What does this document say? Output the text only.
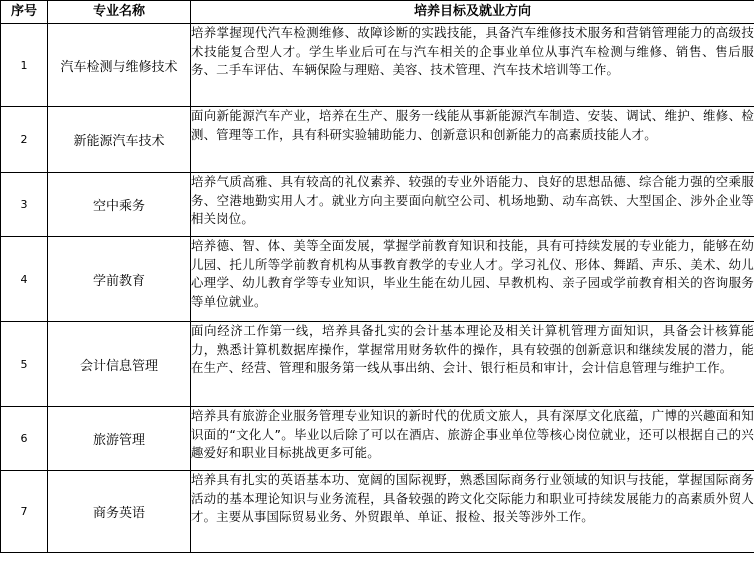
序号	专业名称	培养目标及就业方向
1	汽车检测与维修技术	培养掌握现代汽车检测维修、故障诊断的实践技能，具备汽车维修技术服务和营销管理能力的高级技术技能复合型人才。学生毕业后可在与汽车相关的企事业单位从事汽车检测与维修、销售、售后服务、二手车评估、车辆保险与理赔、美容、技术管理、汽车技术培训等工作。
2	新能源汽车技术	面向新能源汽车产业，培养在生产、服务一线能从事新能源汽车制造、安装、调试、维护、维修、检测、管理等工作，具有科研实验辅助能力、创新意识和创新能力的高素质技能人才。
3	空中乘务	培养气质高雅、具有较高的礼仪素养、较强的专业外语能力、良好的思想品德、综合能力强的空乘服务、空港地勤实用人才。就业方向主要面向航空公司、机场地勤、动车高铁、大型国企、涉外企业等相关岗位。
4	学前教育	培养德、智、体、美等全面发展，掌握学前教育知识和技能，具有可持续发展的专业能力，能够在幼儿园、托儿所等学前教育机构从事教育教学的专业人才。学习礼仪、形体、舞蹈、声乐、美术、幼儿心理学、幼儿教育学等专业知识，毕业生能在幼儿园、早教机构、亲子园或学前教育相关的咨询服务等单位就业。
5	会计信息管理	面向经济工作第一线，培养具备扎实的会计基本理论及相关计算机管理方面知识，具备会计核算能力，熟悉计算机数据库操作，掌握常用财务软件的操作，具有较强的创新意识和继续发展的潜力，能在生产、经营、管理和服务第一线从事出纳、会计、银行柜员和审计，会计信息管理与维护工作。
6	旅游管理	培养具有旅游企业服务管理专业知识的新时代的优质文旅人，具有深厚文化底蕴，广博的兴趣面和知识面的“文化人”。毕业以后除了可以在酒店、旅游企事业单位等核心岗位就业，还可以根据自己的兴趣爱好和职业目标挑战更多可能。
7	商务英语	培养具有扎实的英语基本功、宽阔的国际视野，熟悉国际商务行业领域的知识与技能，掌握国际商务活动的基本理论知识与业务流程，具备较强的跨文化交际能力和职业可持续发展能力的高素质外贸人才。主要从事国际贸易业务、外贸跟单、单证、报检、报关等涉外工作。
